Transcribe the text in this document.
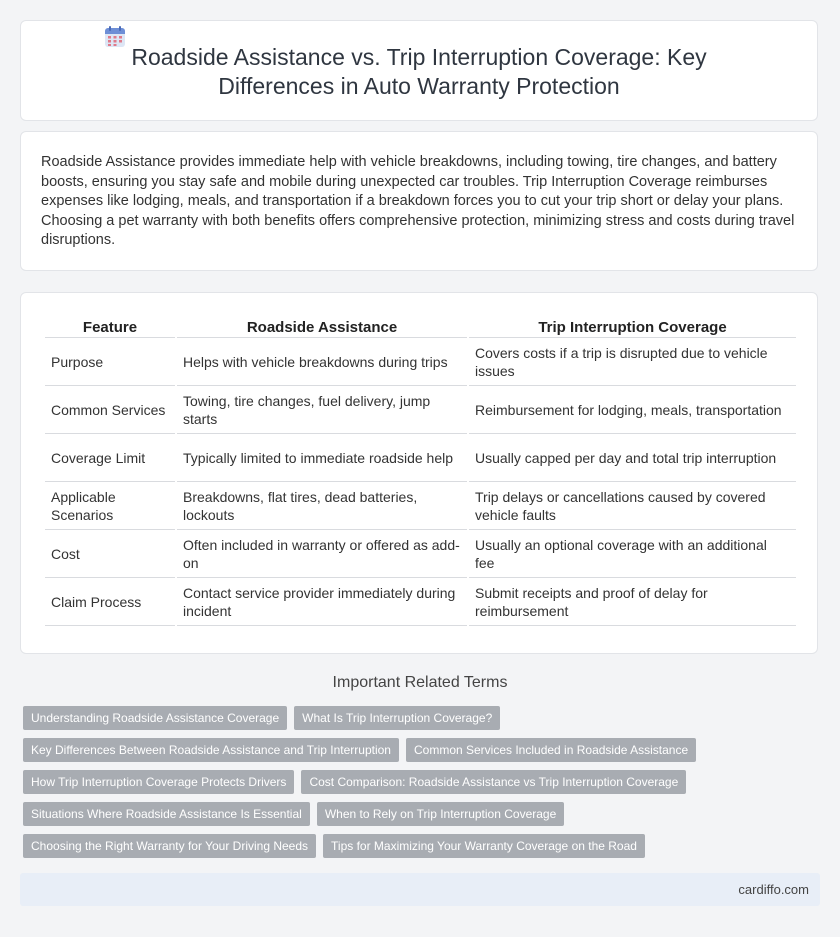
Roadside Assistance vs. Trip Interruption Coverage: Key Differences in Auto Warranty Protection

Roadside Assistance provides immediate help with vehicle breakdowns, including towing, tire changes, and battery boosts, ensuring you stay safe and mobile during unexpected car troubles. Trip Interruption Coverage reimburses expenses like lodging, meals, and transportation if a breakdown forces you to cut your trip short or delay your plans. Choosing a pet warranty with both benefits offers comprehensive protection, minimizing stress and costs during travel disruptions.

Feature	Roadside Assistance	Trip Interruption Coverage
Purpose	Helps with vehicle breakdowns during trips	Covers costs if a trip is disrupted due to vehicle issues
Common Services	Towing, tire changes, fuel delivery, jump starts	Reimbursement for lodging, meals, transportation
Coverage Limit	Typically limited to immediate roadside help	Usually capped per day and total trip interruption
Applicable Scenarios	Breakdowns, flat tires, dead batteries, lockouts	Trip delays or cancellations caused by covered vehicle faults
Cost	Often included in warranty or offered as add-on	Usually an optional coverage with an additional fee
Claim Process	Contact service provider immediately during incident	Submit receipts and proof of delay for reimbursement
Important Related Terms
Understanding Roadside Assistance Coverage What Is Trip Interruption Coverage?
Key Differences Between Roadside Assistance and Trip Interruption Common Services Included in Roadside Assistance
How Trip Interruption Coverage Protects Drivers Cost Comparison: Roadside Assistance vs Trip Interruption Coverage
Situations Where Roadside Assistance Is Essential When to Rely on Trip Interruption Coverage
Choosing the Right Warranty for Your Driving Needs Tips for Maximizing Your Warranty Coverage on the Road
cardiffo.com
